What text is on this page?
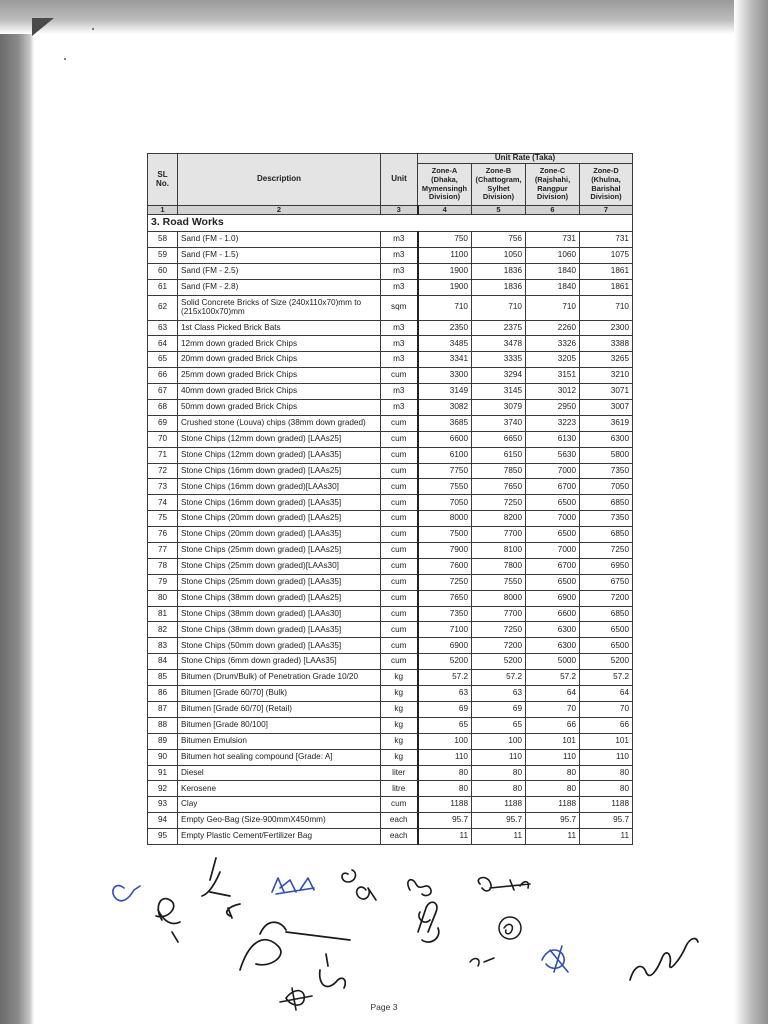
SL No.	Description	Unit	Unit Rate (Taka)			
			Zone-A (Dhaka, Mymensingh Division)	Zone-B (Chattogram, Sylhet Division)	Zone-C (Rajshahi, Rangpur Division)	Zone-D (Khulna, Barishal Division)
1	2	3	4	5	6	7
3. Road Works						
58	Sand (FM - 1.0)	m3	750	756	731	731
59	Sand (FM - 1.5)	m3	1100	1050	1060	1075
60	Sand (FM - 2.5)	m3	1900	1836	1840	1861
61	Sand (FM - 2.8)	m3	1900	1836	1840	1861
62	Solid Concrete Bricks of Size (240x110x70)mm to (215x100x70)mm	sqm	710	710	710	710
63	1st Class Picked Brick Bats	m3	2350	2375	2260	2300
64	12mm down graded Brick Chips	m3	3485	3478	3326	3388
65	20mm down graded Brick Chips	m3	3341	3335	3205	3265
66	25mm down graded Brick Chips	cum	3300	3294	3151	3210
67	40mm down graded Brick Chips	m3	3149	3145	3012	3071
68	50mm down graded Brick Chips	m3	3082	3079	2950	3007
69	Crushed stone (Louva) chips (38mm down graded)	cum	3685	3740	3223	3619
70	Stone Chips (12mm down graded) [LAAs25]	cum	6600	6650	6130	6300
71	Stone Chips (12mm down graded) [LAAs35]	cum	6100	6150	5630	5800
72	Stone Chips (16mm down graded) [LAAs25]	cum	7750	7850	7000	7350
73	Stone Chips (16mm down graded)[LAAs30]	cum	7550	7650	6700	7050
74	Stone Chips (16mm down graded) [LAAs35]	cum	7050	7250	6500	6850
75	Stone Chips (20mm down graded) [LAAs25]	cum	8000	8200	7000	7350
76	Stone Chips (20mm down graded) [LAAs35]	cum	7500	7700	6500	6850
77	Stone Chips (25mm down graded) [LAAs25]	cum	7900	8100	7000	7250
78	Stone Chips (25mm down graded)[LAAs30]	cum	7600	7800	6700	6950
79	Stone Chips (25mm down graded) [LAAs35]	cum	7250	7550	6500	6750
80	Stone Chips (38mm down graded) [LAAs25]	cum	7650	8000	6900	7200
81	Stone Chips (38mm down graded) [LAAs30]	cum	7350	7700	6600	6850
82	Stone Chips (38mm down graded) [LAAs35]	cum	7100	7250	6300	6500
83	Stone Chips (50mm down graded) [LAAs35]	cum	6900	7200	6300	6500
84	Stone Chips (6mm down graded) [LAAs35]	cum	5200	5200	5000	5200
85	Bitumen (Drum/Bulk) of Penetration Grade 10/20	kg	57.2	57.2	57.2	57.2
86	Bitumen [Grade 60/70] (Bulk)	kg	63	63	64	64
87	Bitumen [Grade 60/70] (Retail)	kg	69	69	70	70
88	Bitumen [Grade 80/100]	kg	65	65	66	66
89	Bitumen Emulsion	kg	100	100	101	101
90	Bitumen hot sealing compound [Grade: A]	kg	110	110	110	110
91	Diesel	liter	80	80	80	80
92	Kerosene	litre	80	80	80	80
93	Clay	cum	1188	1188	1188	1188
94	Empty Geo-Bag (Size-900mmX450mm)	each	95.7	95.7	95.7	95.7
95	Empty Plastic Cement/Fertilizer Bag	each	11	11	11	11
Page 3
